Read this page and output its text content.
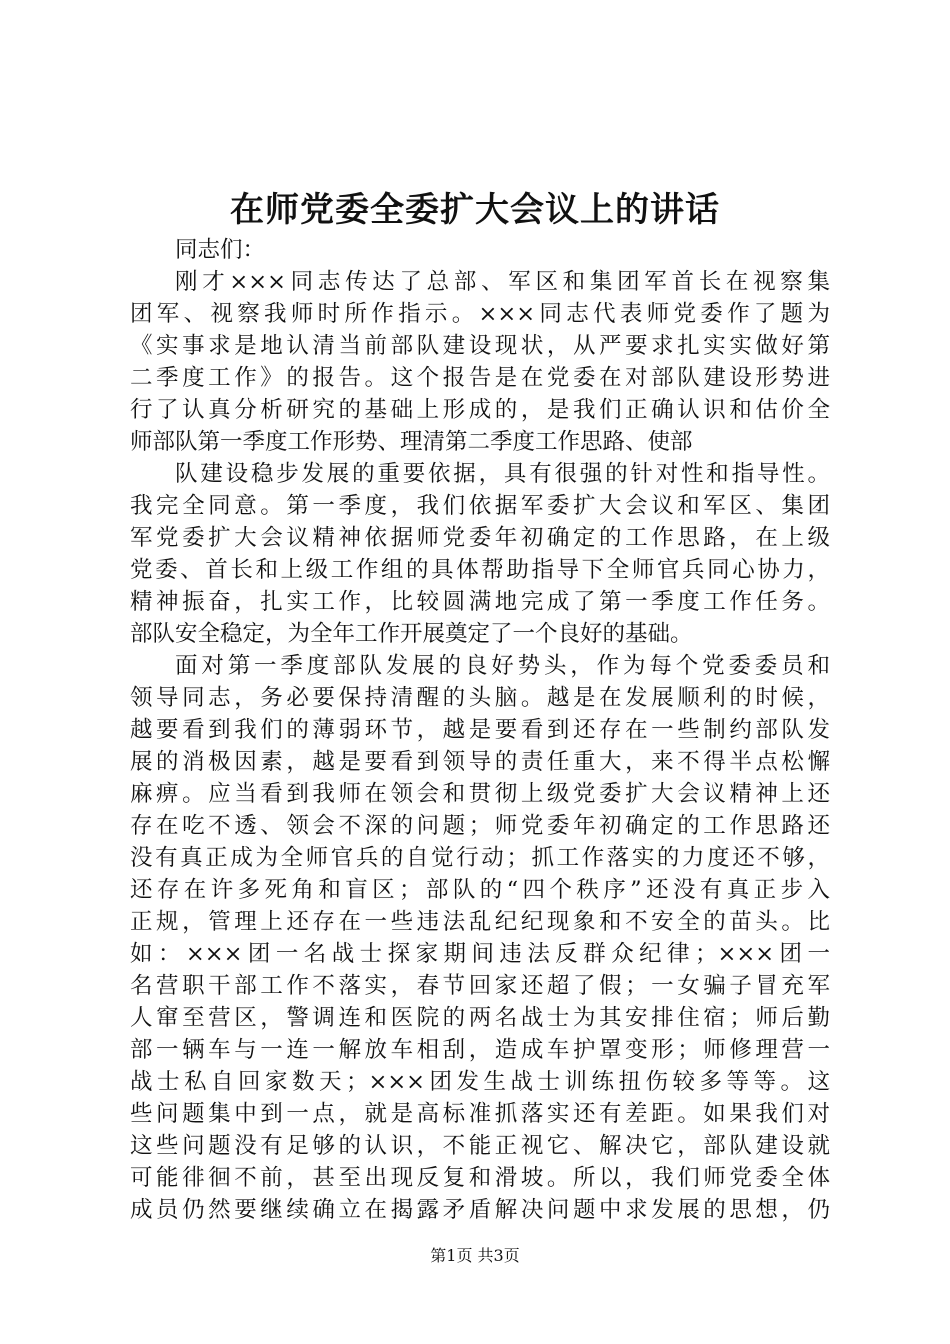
在师党委全委扩大会议上的讲话
同志们：
刚才×××同志传达了总部、军区和集团军首长在视察集
团军、视察我师时所作指示。×××同志代表师党委作了题为
《实事求是地认清当前部队建设现状，从严要求扎实实做好第
二季度工作》的报告。这个报告是在党委在对部队建设形势进
行了认真分析研究的基础上形成的，是我们正确认识和估价全
师部队第一季度工作形势、理清第二季度工作思路、使部
队建设稳步发展的重要依据，具有很强的针对性和指导性。
我完全同意。第一季度，我们依据军委扩大会议和军区、集团
军党委扩大会议精神依据师党委年初确定的工作思路，在上级
党委、首长和上级工作组的具体帮助指导下全师官兵同心协力，
精神振奋，扎实工作，比较圆满地完成了第一季度工作任务。
部队安全稳定，为全年工作开展奠定了一个良好的基础。
面对第一季度部队发展的良好势头，作为每个党委委员和
领导同志，务必要保持清醒的头脑。越是在发展顺利的时候，
越要看到我们的薄弱环节，越是要看到还存在一些制约部队发
展的消极因素，越是要看到领导的责任重大，来不得半点松懈
麻痹。应当看到我师在领会和贯彻上级党委扩大会议精神上还
存在吃不透、领会不深的问题；师党委年初确定的工作思路还
没有真正成为全师官兵的自觉行动；抓工作落实的力度还不够，
还存在许多死角和盲区；部队的“四个秩序”还没有真正步入
正规，管理上还存在一些违法乱纪纪现象和不安全的苗头。比
如：×××团一名战士探家期间违法反群众纪律；×××团一
名营职干部工作不落实，春节回家还超了假；一女骗子冒充军
人窜至营区，警调连和医院的两名战士为其安排住宿；师后勤
部一辆车与一连一解放车相刮，造成车护罩变形；师修理营一
战士私自回家数天；×××团发生战士训练扭伤较多等等。这
些问题集中到一点，就是高标准抓落实还有差距。如果我们对
这些问题没有足够的认识，不能正视它、解决它，部队建设就
可能徘徊不前，甚至出现反复和滑坡。所以，我们师党委全体
成员仍然要继续确立在揭露矛盾解决问题中求发展的思想，仍
第1页 共3页
